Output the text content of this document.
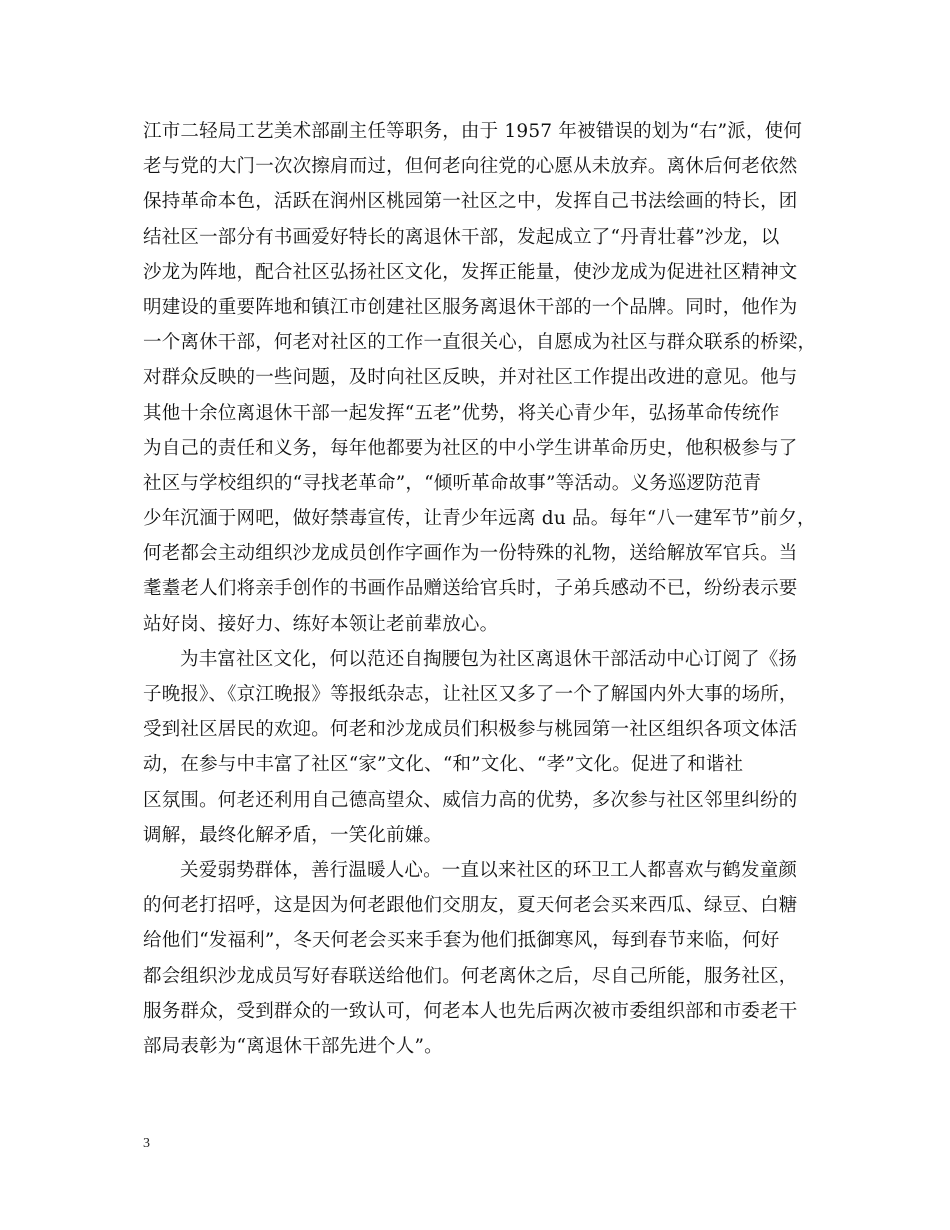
江市二轻局工艺美术部副主任等职务，由于 1957 年被错误的划为“右”派，使何
老与党的大门一次次擦肩而过，但何老向往党的心愿从未放弃。离休后何老依然
保持革命本色，活跃在润州区桃园第一社区之中，发挥自己书法绘画的特长，团
结社区一部分有书画爱好特长的离退休干部，发起成立了“丹青壮暮”沙龙，以
沙龙为阵地，配合社区弘扬社区文化，发挥正能量，使沙龙成为促进社区精神文
明建设的重要阵地和镇江市创建社区服务离退休干部的一个品牌。同时，他作为
一个离休干部，何老对社区的工作一直很关心，自愿成为社区与群众联系的桥梁，
对群众反映的一些问题，及时向社区反映，并对社区工作提出改进的意见。他与
其他十余位离退休干部一起发挥“五老”优势，将关心青少年，弘扬革命传统作
为自己的责任和义务，每年他都要为社区的中小学生讲革命历史，他积极参与了
社区与学校组织的“寻找老革命”，“倾听革命故事”等活动。义务巡逻防范青
少年沉湎于网吧，做好禁毒宣传，让青少年远离 du 品。每年“八一建军节”前夕，
何老都会主动组织沙龙成员创作字画作为一份特殊的礼物，送给解放军官兵。当
耄耋老人们将亲手创作的书画作品赠送给官兵时，子弟兵感动不已，纷纷表示要
站好岗、接好力、练好本领让老前辈放心。
为丰富社区文化，何以范还自掏腰包为社区离退休干部活动中心订阅了《扬
子晚报》、《京江晚报》等报纸杂志，让社区又多了一个了解国内外大事的场所，
受到社区居民的欢迎。何老和沙龙成员们积极参与桃园第一社区组织各项文体活
动，在参与中丰富了社区“家”文化、“和”文化、“孝”文化。促进了和谐社
区氛围。何老还利用自己德高望众、威信力高的优势，多次参与社区邻里纠纷的
调解，最终化解矛盾，一笑化前嫌。
关爱弱势群体，善行温暖人心。一直以来社区的环卫工人都喜欢与鹤发童颜
的何老打招呼，这是因为何老跟他们交朋友，夏天何老会买来西瓜、绿豆、白糖
给他们“发福利”，冬天何老会买来手套为他们抵御寒风，每到春节来临，何好
都会组织沙龙成员写好春联送给他们。何老离休之后，尽自己所能，服务社区，
服务群众，受到群众的一致认可，何老本人也先后两次被市委组织部和市委老干
部局表彰为“离退休干部先进个人”。
3
